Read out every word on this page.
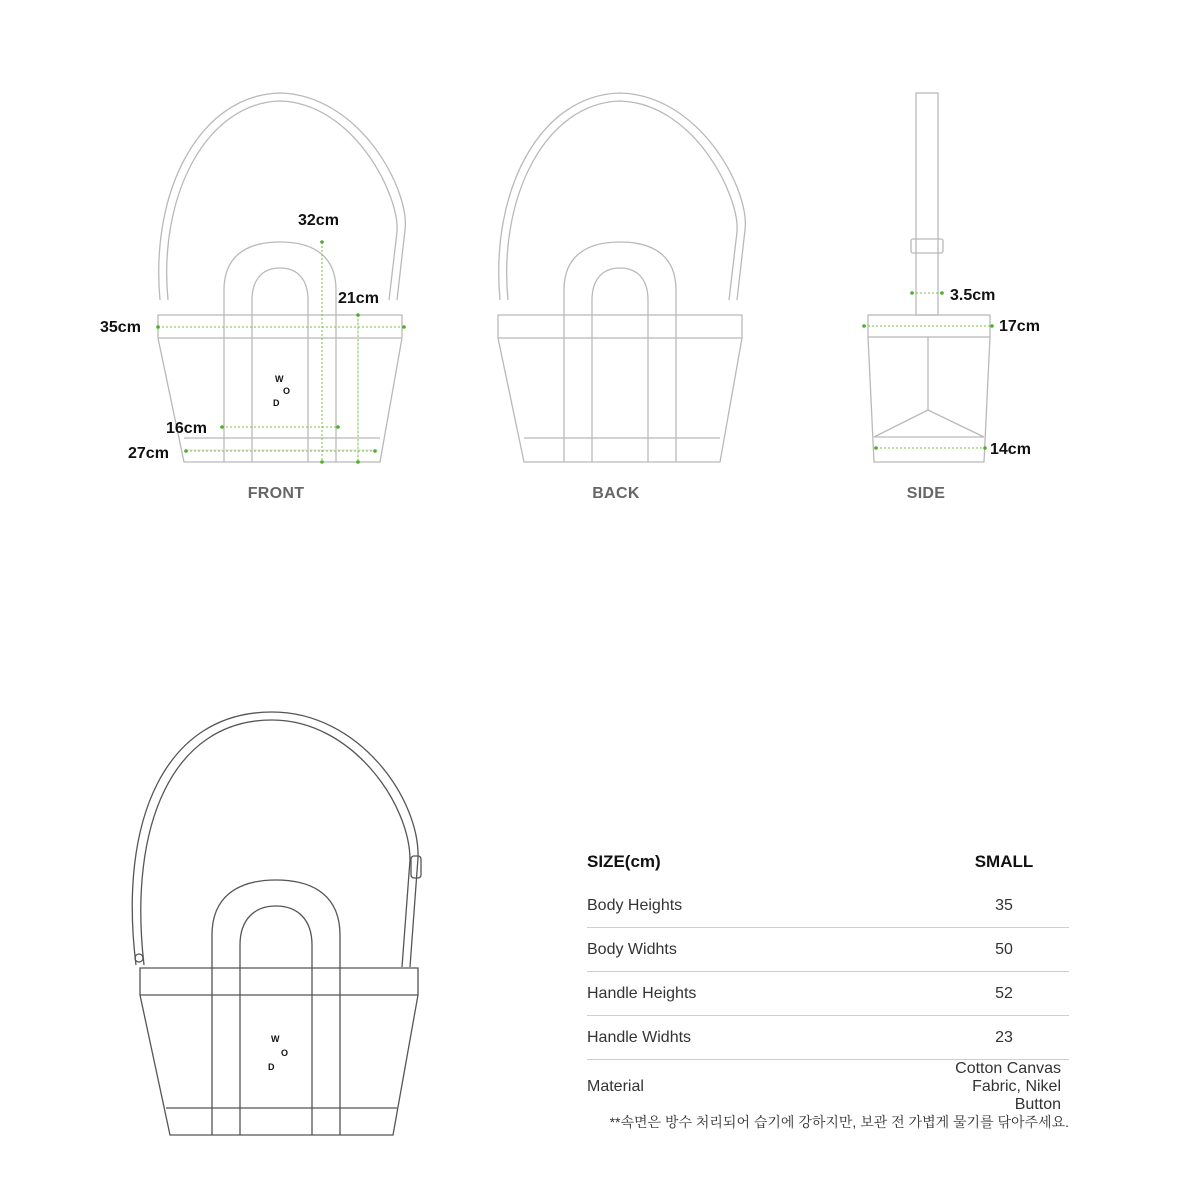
W
O
D
32cm
21cm
35cm
16cm
27cm
FRONT	BACK
3.5cm
17cm
14cm
SIDE
W
O
D
SIZE(cm)	SMALL
Body Heights	35
Body Widhts	50
Handle Heights	52
Handle Widhts	23
Material	Cotton Canvas Fabric, Nikel Button
**속면은 방수 처리되어 습기에 강하지만, 보관 전 가볍게 물기를 닦아주세요.
